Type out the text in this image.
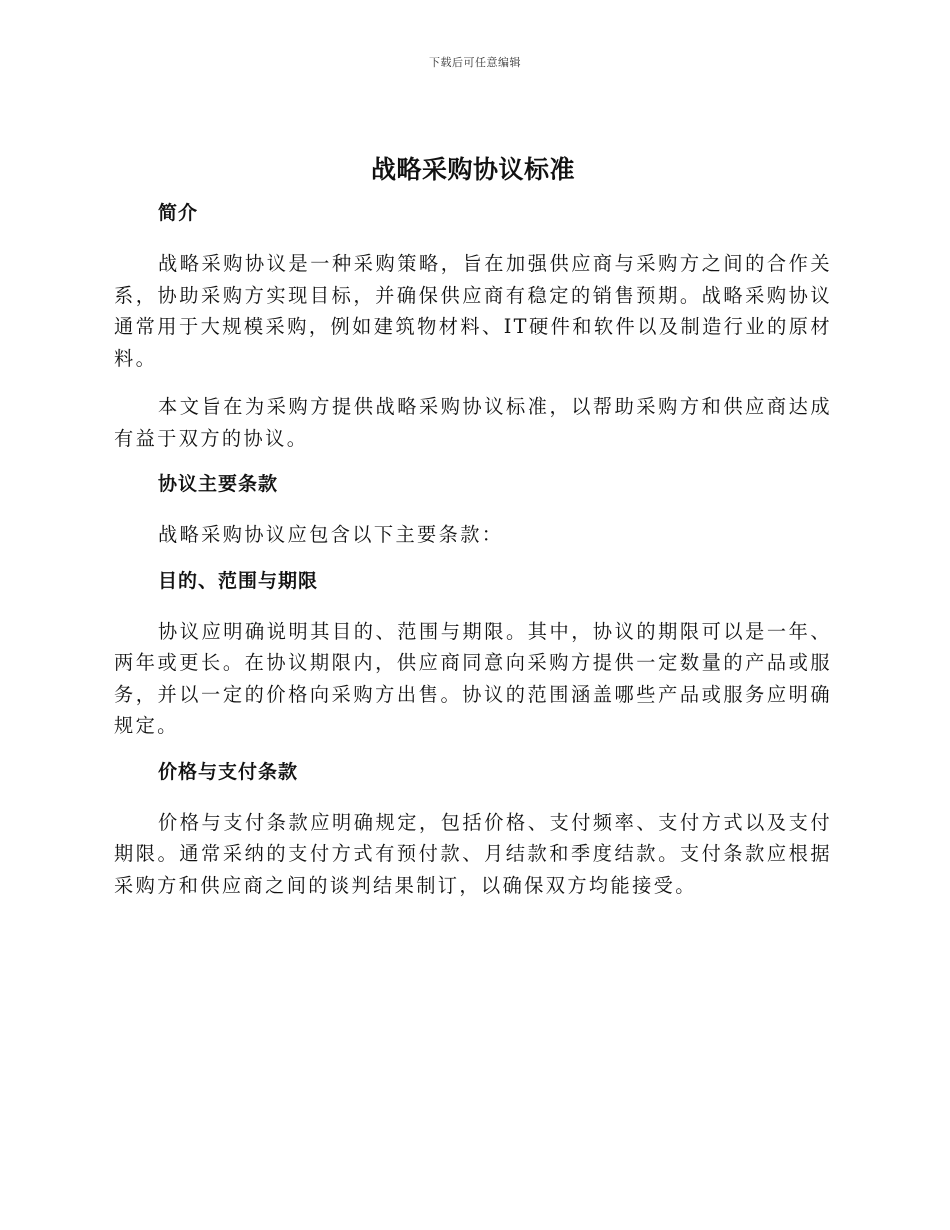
下载后可任意编辑
战略采购协议标准
简介

战略采购协议是一种采购策略，旨在加强供应商与采购方之间的合作关系，协助采购方实现目标，并确保供应商有稳定的销售预期。战略采购协议通常用于大规模采购，例如建筑物材料、IT硬件和软件以及制造行业的原材料。

本文旨在为采购方提供战略采购协议标准，以帮助采购方和供应商达成有益于双方的协议。

协议主要条款

战略采购协议应包含以下主要条款：

目的、范围与期限

协议应明确说明其目的、范围与期限。其中，协议的期限可以是一年、两年或更长。在协议期限内，供应商同意向采购方提供一定数量的产品或服务，并以一定的价格向采购方出售。协议的范围涵盖哪些产品或服务应明确规定。

价格与支付条款

价格与支付条款应明确规定，包括价格、支付频率、支付方式以及支付期限。通常采纳的支付方式有预付款、月结款和季度结款。支付条款应根据采购方和供应商之间的谈判结果制订，以确保双方均能接受。
